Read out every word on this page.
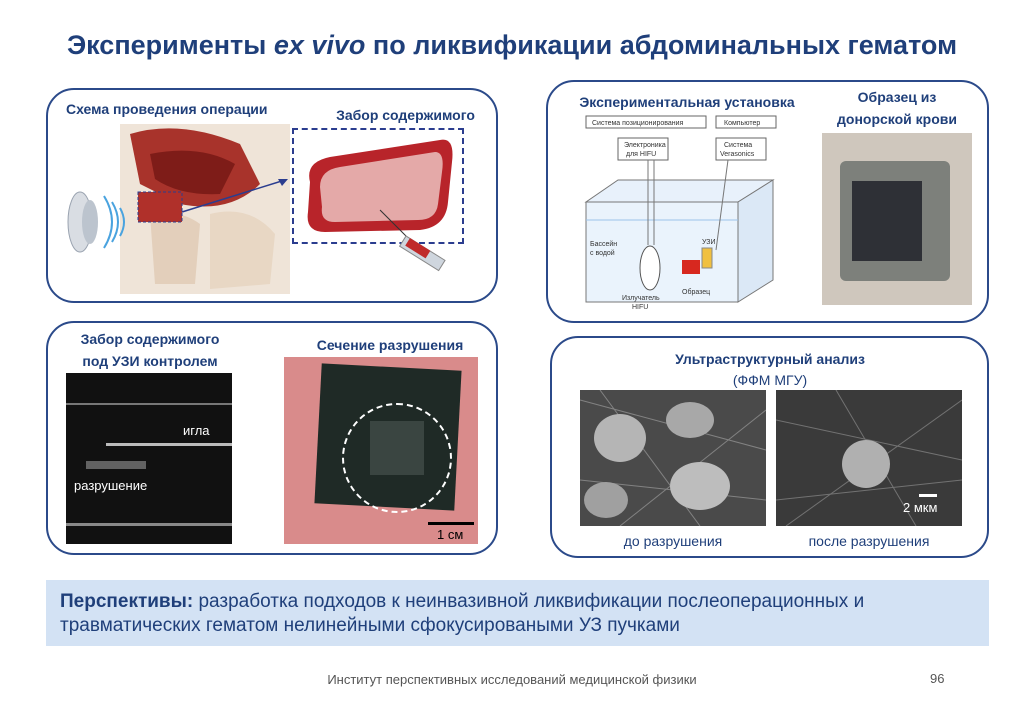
Эксперименты ex vivo по ликвификации абдоминальных гематом
Схема проведения операции	Забор содержимого
Экспериментальная установка	Образец из
донорской крови
Система позиционирования	Компьютер
Электроника
для HIFU
Система
Verasonics
УЗИ
Бассейн
с водой
Излучатель
HIFU
Образец
Забор содержимого
под УЗИ контролем
Сечение разрушения
игла
разрушение
1 см
Ультраструктурный анализ
(ФФМ МГУ)
2 мкм
до разрушения	после разрушения
Перспективы: разработка подходов к неинвазивной ликвификации послеоперационных и травматических гематом нелинейными сфокусироваными УЗ пучками
Институт перспективных исследований медицинской физики	96
